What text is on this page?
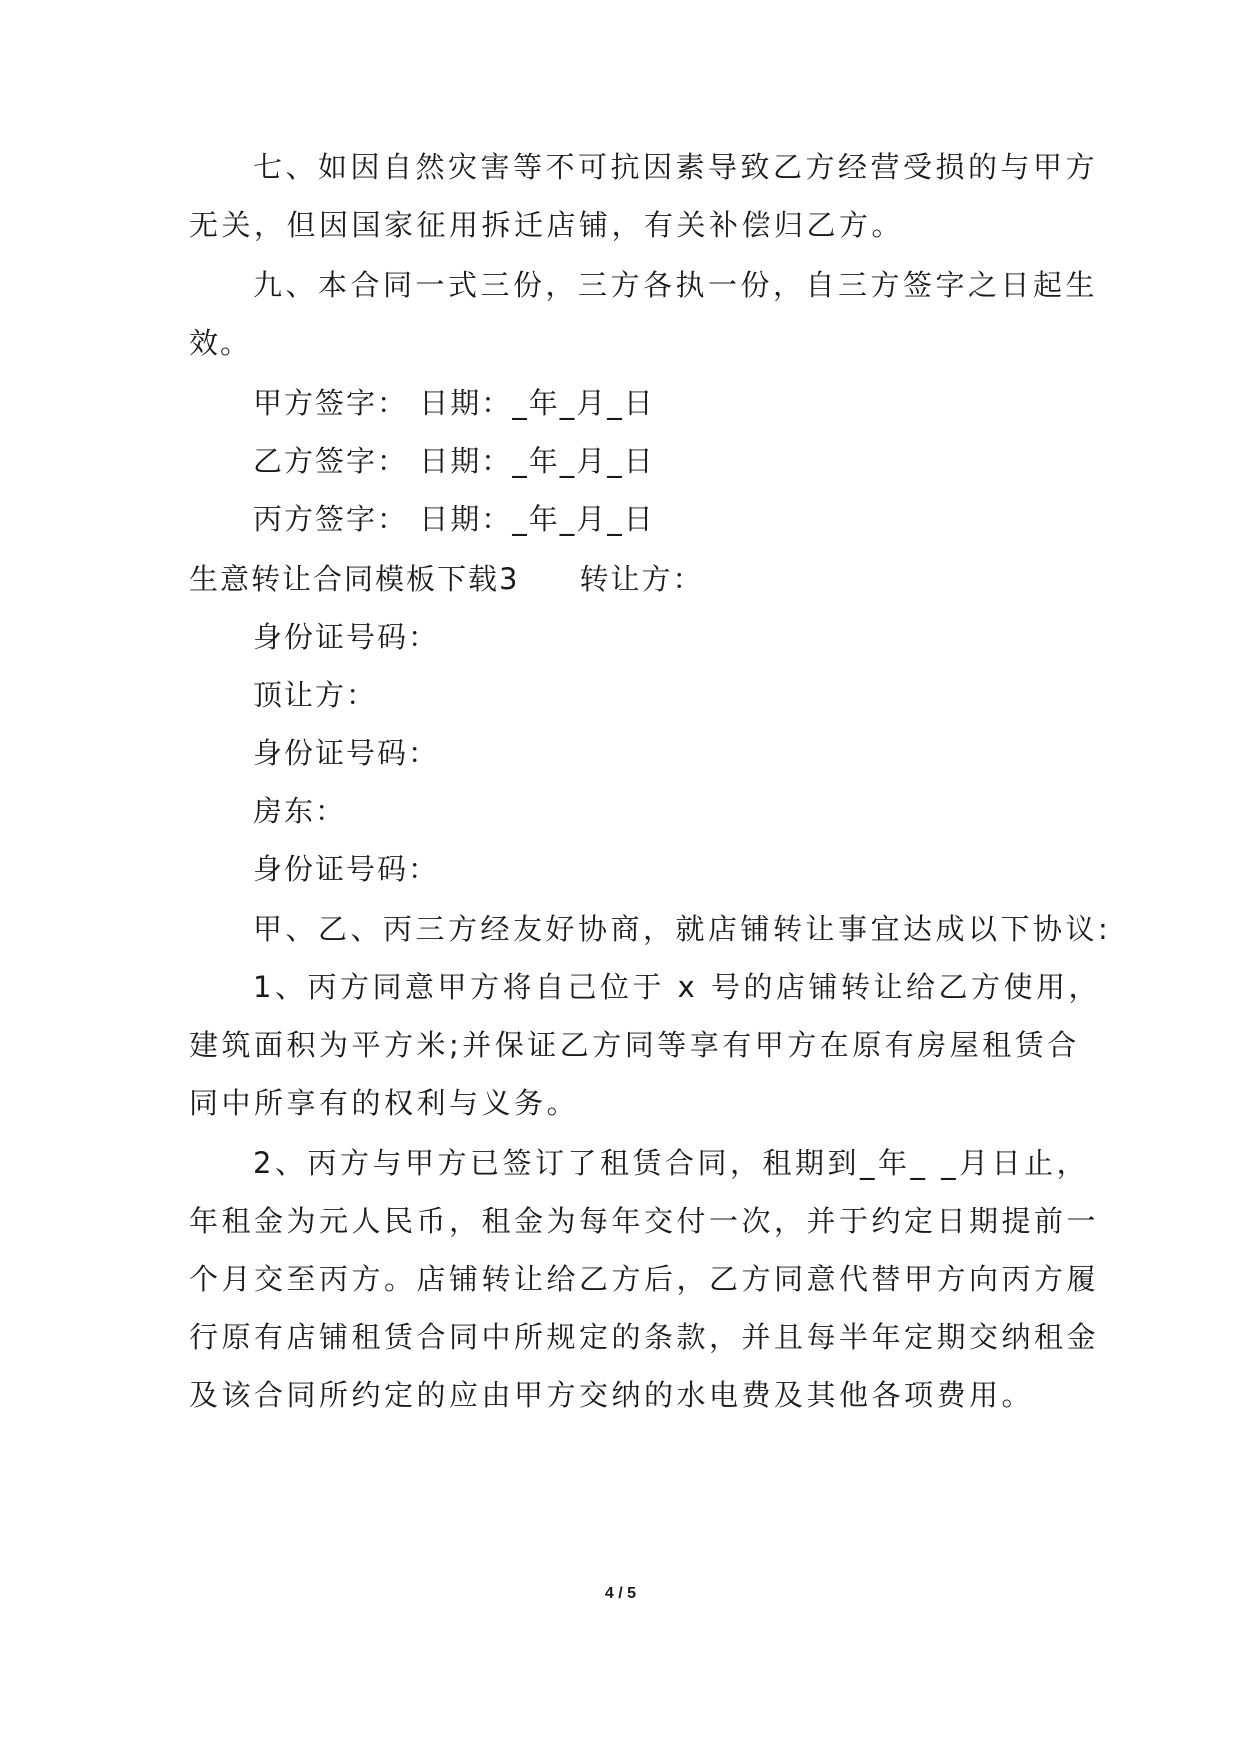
七、如因自然灾害等不可抗因素导致乙方经营受损的与甲方
无关，但因国家征用拆迁店铺，有关补偿归乙方。
九、本合同一式三份，三方各执一份，自三方签字之日起生
效。
甲方签字： 日期：_年_月_日
乙方签字： 日期：_年_月_日
丙方签字： 日期：_年_月_日
生意转让合同模板下载3 转让方：
身份证号码：
顶让方：
身份证号码：
房东：
身份证号码：
甲、乙、丙三方经友好协商，就店铺转让事宜达成以下协议:
1、丙方同意甲方将自己位于 x 号的店铺转让给乙方使用，
建筑面积为平方米;并保证乙方同等享有甲方在原有房屋租赁合
同中所享有的权利与义务。
2、丙方与甲方已签订了租赁合同，租期到_年_ _月日止，
年租金为元人民币，租金为每年交付一次，并于约定日期提前一
个月交至丙方。店铺转让给乙方后，乙方同意代替甲方向丙方履
行原有店铺租赁合同中所规定的条款，并且每半年定期交纳租金
及该合同所约定的应由甲方交纳的水电费及其他各项费用。
4 / 5
